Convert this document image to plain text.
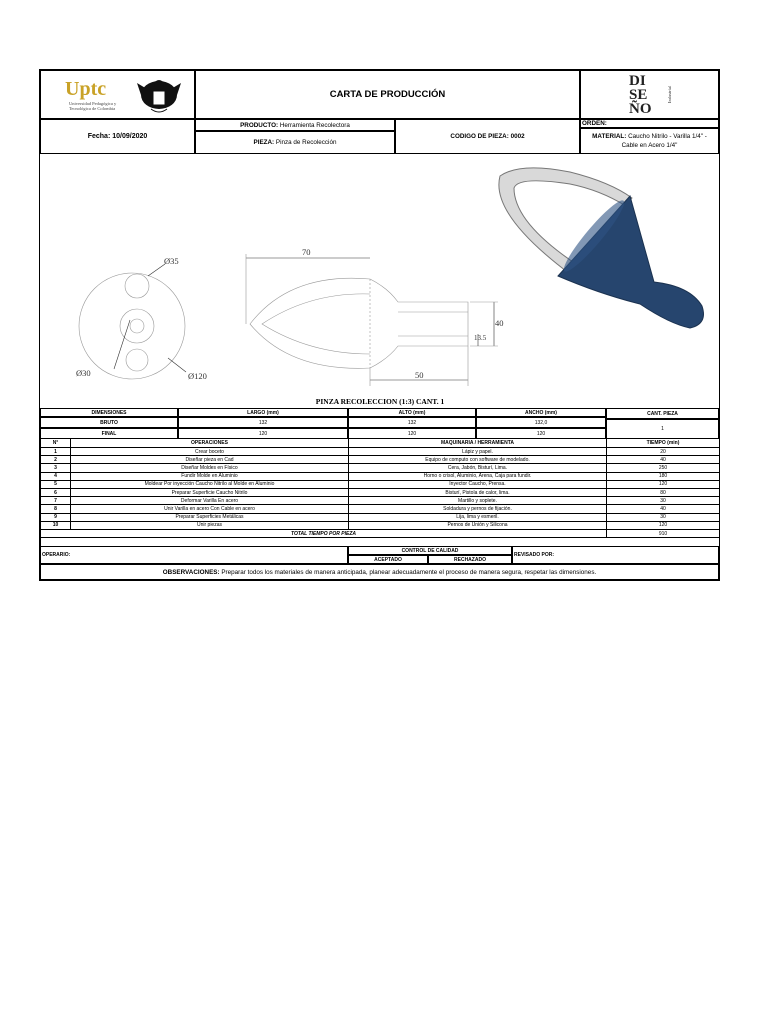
Uptc
Universidad Pedagógica y
Tecnológica de Colombia
CARTA DE PRODUCCIÓN
DI
SE
ÑO
Industrial
Fecha:
10/09/2020
PRODUCTO:
Herramienta Recolectora
PIEZA:
Pinza de Recolección
CODIGO DE PIEZA:
0002
ORDEN:
MATERIAL: Caucho Nitrilo - Varilla 1/4" -
Cable en Acero 1/4"
Ø35
Ø30	Ø120
70
40
13.5
50
PINZA RECOLECCION (1:3) CANT. 1
DIMENSIONES	LARGO (mm)	ALTO (mm)	ANCHO (mm)	CANT. PIEZA
BRUTO	132	132	132,0
FINAL	120	120	120
1
N°	OPERACIONES	MAQUINARIA / HERRAMIENTA	TIEMPO (min)
1	Crear boceto	Lápiz y papel.	20
2	Diseñar pieza en Cad	Equipo de computo con software de modelado.	40
3	Diseñar Moldes en Físico	Cera, Jabón, Bisturí, Lima.	250
4	Fundir Molde en Aluminio	Horno o crisol, Aluminio, Arena, Caja para fundir.	180
5	Moldear Por inyección Caucho Nitrilo al Molde en Aluminio	Inyector Caucho, Prensa.	120
6	Preparar Superficie Caucho Nitrilo	Bisturí, Pistola de calor, lima.	80
7	Deformar Varilla En acero	Martillo y soplete.	30
8	Unir Varilla en acero Con Cable en acero	Soldadura y pernos de fijación.	40
9	Preparar Superficies Metálicas	Lija, lima y esmeril.	30
10	Unir piezas	Pernos de Unión y Silicona	120
TOTAL TIEMPO POR PIEZA	910
OPERARIO:
CONTROL DE CALIDAD
ACEPTADO	RECHAZADO
REVISADO POR:
OBSERVACIONES:
Preparar todos los materiales de manera anticipada, planear adecuadamente el proceso de manera segura, respetar las dimensiones.
